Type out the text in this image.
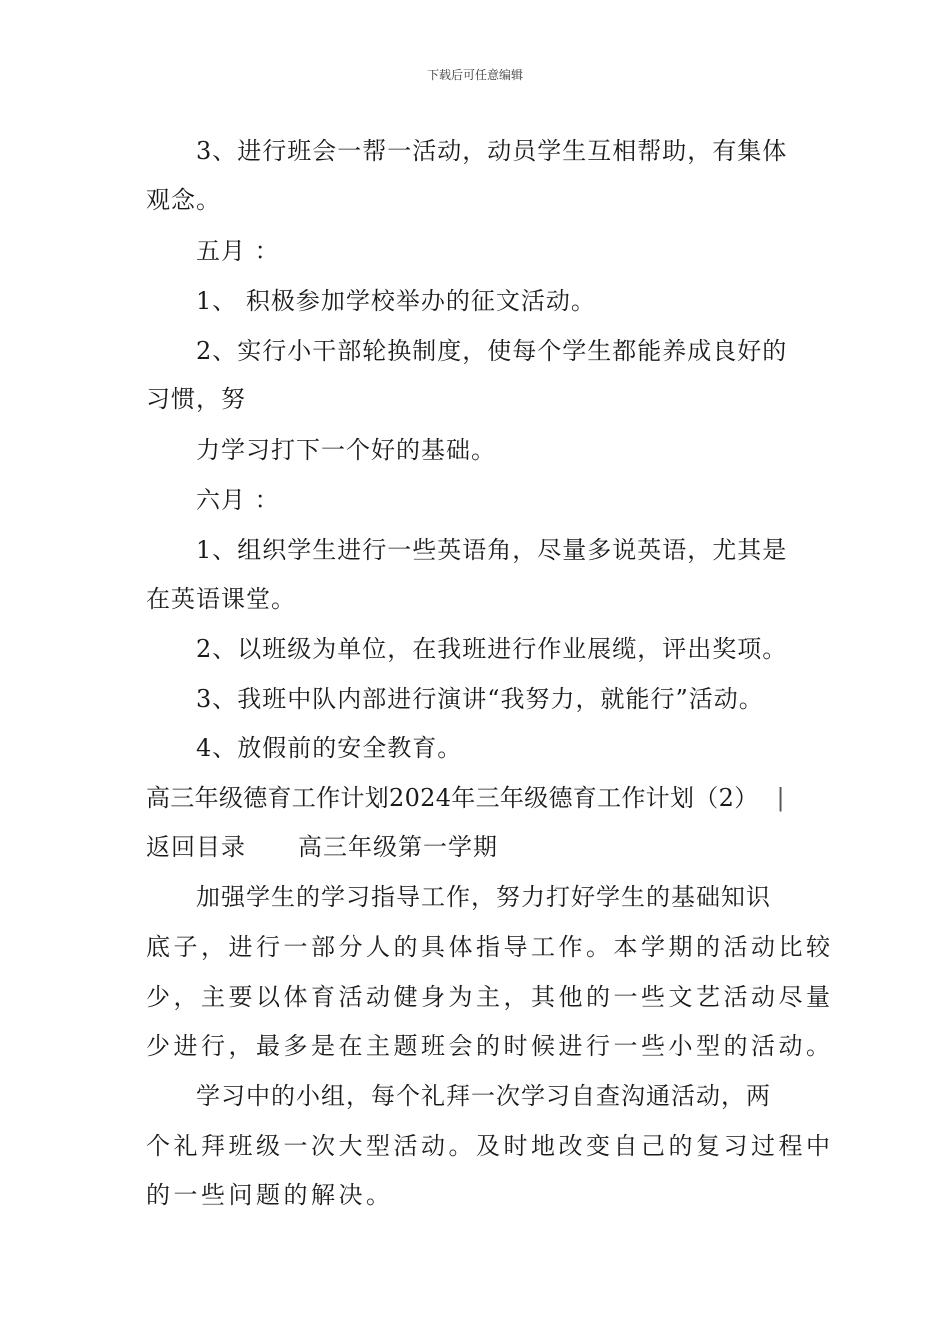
下载后可任意编辑
3、进行班会一帮一活动，动员学生互相帮助，有集体
观念。
五月 ：
1、 积极参加学校举办的征文活动。
2、实行小干部轮换制度，使每个学生都能养成良好的
习惯，努
力学习打下一个好的基础。
六月 ：
1、组织学生进行一些英语角，尽量多说英语，尤其是
在英语课堂。
2、以班级为单位，在我班进行作业展缆，评出奖项。
3、我班中队内部进行演讲“我努力，就能行”活动。
4、放假前的安全教育。
高三年级德育工作计划2024年三年级德育工作计划（2） |
返回目录 高三年级第一学期
加强学生的学习指导工作，努力打好学生的基础知识
底子，进行一部分人的具体指导工作。本学期的活动比较
少，主要以体育活动健身为主，其他的一些文艺活动尽量
少进行，最多是在主题班会的时候进行一些小型的活动。
学习中的小组，每个礼拜一次学习自查沟通活动，两
个礼拜班级一次大型活动。及时地改变自己的复习过程中
的一些问题的解决。
